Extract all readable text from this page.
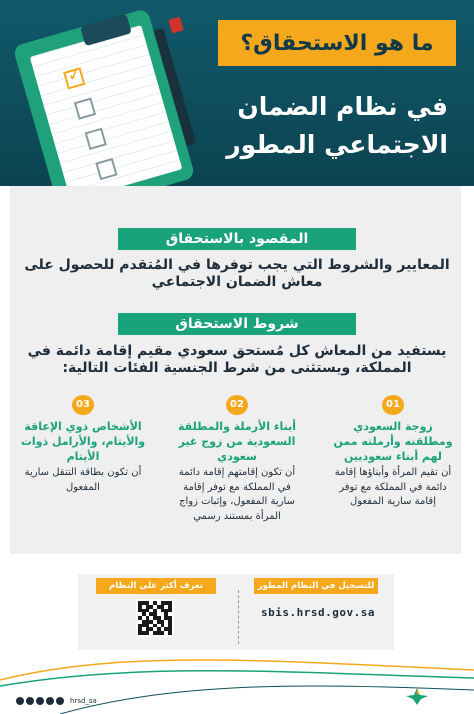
✓
ما هو الاستحقاق؟
في نظام الضمان
الاجتماعي المطور
المقصود بالاستحقاق
المعايير والشروط التي يجب توفرها في المُتقدم للحصول على معاش الضمان الاجتماعي
شروط الاستحقاق
يستفيد من المعاش كل مُستحق سعودي مقيم إقامة دائمة في المملكة، ويستثنى من شرط الجنسية الفئات التالية:
01
زوجة السعودي ومطلقته وأرملته ممن لهم أبناء سعوديين
أن تقيم المرأة وأبناؤها إقامة دائمة في المملكة مع توفر إقامة سارية المفعول
02
أبناء الأرملة والمطلقة السعودية من زوج غير سعودي
أن تكون إقامتهم إقامة دائمة في المملكة مع توفر إقامة سارية المفعول، وإثبات زواج المرأة بمستند رسمي
03
الأشخاص ذوي الإعاقة والأيتام، والأرامل ذوات الأيتام
أن تكون بطاقة التنقل سارية المفعول
تعرف أكثر على النظام	للتسجيل في النظام المطور
sbis.hrsd.gov.sa
hrsd_sa
